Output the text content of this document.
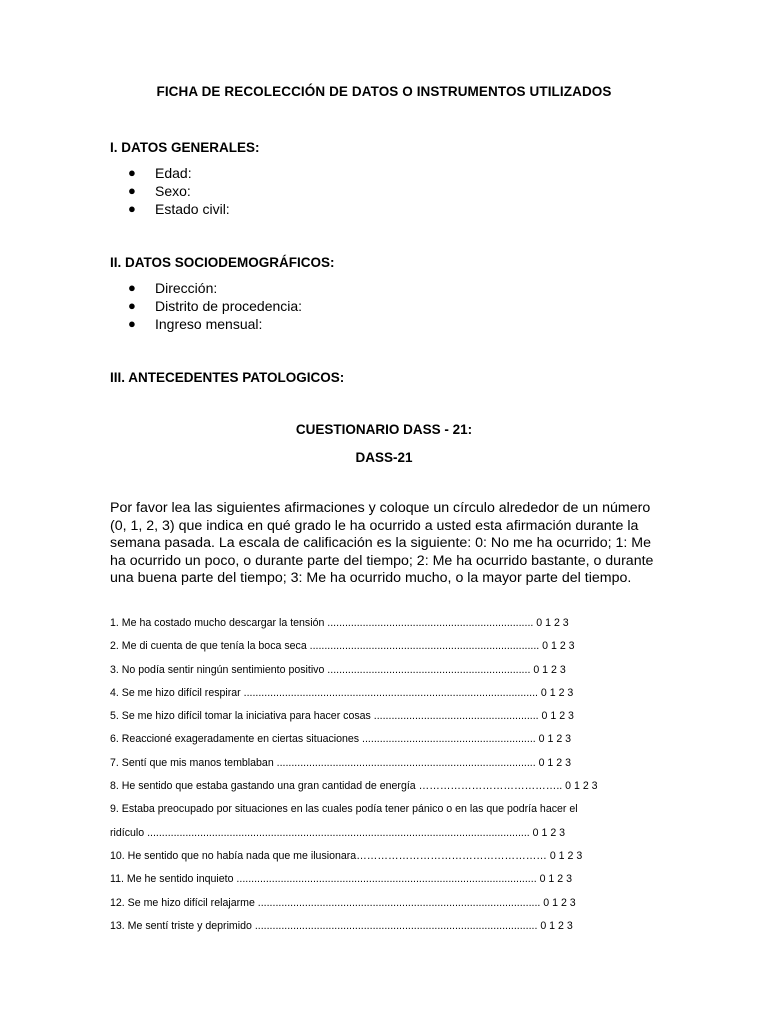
FICHA DE RECOLECCIÓN DE DATOS O INSTRUMENTOS UTILIZADOS
I. DATOS GENERALES:
● Edad:
● Sexo:
● Estado civil:
II. DATOS SOCIODEMOGRÁFICOS:
● Dirección:
● Distrito de procedencia:
● Ingreso mensual:
III. ANTECEDENTES PATOLOGICOS:
CUESTIONARIO DASS - 21:
DASS-21

Por favor lea las siguientes afirmaciones y coloque un círculo alrededor de un número (0, 1, 2, 3) que indica en qué grado le ha ocurrido a usted esta afirmación durante la semana pasada. La escala de calificación es la siguiente: 0: No me ha ocurrido; 1: Me ha ocurrido un poco, o durante parte del tiempo; 2: Me ha ocurrido bastante, o durante una buena parte del tiempo; 3: Me ha ocurrido mucho, o la mayor parte del tiempo.

1. Me ha costado mucho descargar la tensión ...................................................................... 0 1 2 3
2. Me di cuenta de que tenía la boca seca .............................................................................. 0 1 2 3
3. No podía sentir ningún sentimiento positivo ..................................................................... 0 1 2 3
4. Se me hizo difícil respirar .................................................................................................... 0 1 2 3
5. Se me hizo difícil tomar la iniciativa para hacer cosas ........................................................ 0 1 2 3
6. Reaccioné exageradamente en ciertas situaciones ........................................................... 0 1 2 3
7. Sentí que mis manos temblaban ........................................................................................ 0 1 2 3
8. He sentido que estaba gastando una gran cantidad de energía ………………………………….. 0 1 2 3
9. Estaba preocupado por situaciones en las cuales podía tener pánico o en las que podría hacer el
ridículo .................................................................................................................................. 0 1 2 3
10. He sentido que no había nada que me ilusionara……………………………………………… 0 1 2 3
11. Me he sentido inquieto ...................................................................................................... 0 1 2 3
12. Se me hizo difícil relajarme ................................................................................................ 0 1 2 3
13. Me sentí triste y deprimido ................................................................................................ 0 1 2 3
